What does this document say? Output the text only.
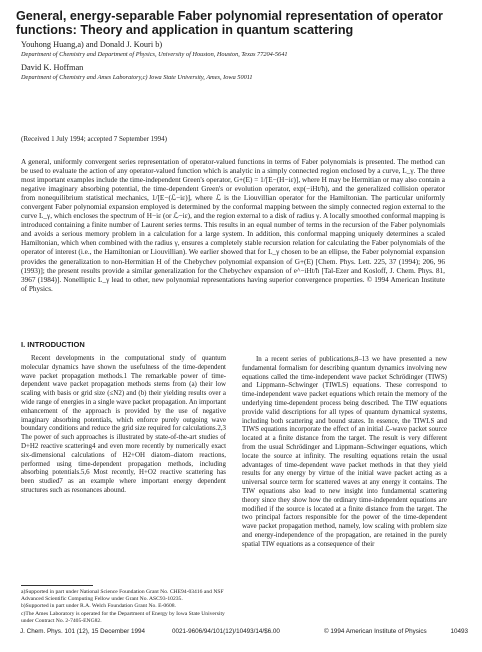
General, energy-separable Faber polynomial representation of operator functions: Theory and application in quantum scattering
Youhong Huang,a) and Donald J. Kouri b)
Department of Chemistry and Department of Physics, University of Houston, Houston, Texas 77204-5641
David K. Hoffman
Department of Chemistry and Ames Laboratory,c) Iowa State University, Ames, Iowa 50011
(Received 1 July 1994; accepted 7 September 1994)
A general, uniformly convergent series representation of operator-valued functions in terms of Faber polynomials is presented. The method can be used to evaluate the action of any operator-valued function which is analytic in a simply connected region enclosed by a curve, L_γ. The three most important examples include the time-independent Green's operator, G+(E) = 1/[E−(H−iε)], where H may be Hermitian or may also contain a negative imaginary absorbing potential, the time-dependent Green's or evolution operator, exp(−iHt/ħ), and the generalized collision operator from nonequilibrium statistical mechanics, 1/[E−(ℒ−iε)], where ℒ is the Liouvillian operator for the Hamiltonian. The particular uniformly convergent Faber polynomial expansion employed is determined by the conformal mapping between the simply connected region external to the curve L_γ, which encloses the spectrum of H−iε (or ℒ−iε), and the region external to a disk of radius γ. A locally smoothed conformal mapping is introduced containing a finite number of Laurent series terms. This results in an equal number of terms in the recursion of the Faber polynomials and avoids a serious memory problem in a calculation for a large system. In addition, this conformal mapping uniquely determines a scaled Hamiltonian, which when combined with the radius γ, ensures a completely stable recursion relation for calculating the Faber polynomials of the operator of interest (i.e., the Hamiltonian or Liouvillian). We earlier showed that for L_γ chosen to be an ellipse, the Faber polynomial expansion provides the generalization to non-Hermitian H of the Chebychev polynomial expansion of G+(E) [Chem. Phys. Lett. 225, 37 (1994); 206, 96 (1993)]; the present results provide a similar generalization for the Chebychev expansion of e^−iHt/ħ [Tal-Ezer and Kosloff, J. Chem. Phys. 81, 3967 (1984)]. Nonelliptic L_γ lead to other, new polynomial representations having superior convergence properties. © 1994 American Institute of Physics.
I. INTRODUCTION

Recent developments in the computational study of quantum molecular dynamics have shown the usefulness of the time-dependent wave packet propagation methods.1 The remarkable power of time-dependent wave packet propagation methods stems from (a) their low scaling with basis or grid size (≤N2) and (b) their yielding results over a wide range of energies in a single wave packet propagation. An important enhancement of the approach is provided by the use of negative imaginary absorbing potentials, which enforce purely outgoing wave boundary conditions and reduce the grid size required for calculations.2,3 The power of such approaches is illustrated by state-of-the-art studies of D+H2 reactive scattering4 and even more recently by numerically exact six-dimensional calculations of H2+OH diatom–diatom reactions, performed using time-dependent propagation methods, including absorbing potentials.5,6 Most recently, H+O2 reactive scattering has been studied7 as an example where important energy dependent structures such as resonances abound.

In a recent series of publications,8–13 we have presented a new fundamental formalism for describing quantum dynamics involving new equations called the time-independent wave packet Schrödinger (TIWS) and Lippmann–Schwinger (TIWLS) equations. These correspond to time-independent wave packet equations which retain the memory of the underlying time-dependent process being described. The TIW equations provide valid descriptions for all types of quantum dynamical systems, including both scattering and bound states. In essence, the TIWLS and TIWS equations incorporate the effect of an initial ℒ-wave packet source located at a finite distance from the target. The result is very different from the usual Schrödinger and Lippmann–Schwinger equations, which locate the source at infinity. The resulting equations retain the usual advantages of time-dependent wave packet methods in that they yield results for any energy by virtue of the initial wave packet acting as a universal source term for scattered waves at any energy it contains. The TIW equations also lead to new insight into fundamental scattering theory since they show how the ordinary time-independent equations are modified if the source is located at a finite distance from the target. The two principal factors responsible for the power of the time-dependent wave packet propagation method, namely, low scaling with problem size and energy-independence of the propagation, are retained in the purely spatial TIW equations as a consequence of their

a)Supported in part under National Science Foundation Grant No. CHE94-03416 and NSF Advanced Scientific Computing Fellow under Grant No. ASC93-10235.
b)Supported in part under R.A. Welch Foundation Grant No. E-0608.
c)The Ames Laboratory is operated for the Department of Energy by Iowa State University under Contract No. 2-7405-ENG82.
J. Chem. Phys. 101 (12), 15 December 1994	0021-9606/94/101(12)/10493/14/$6.00	© 1994 American Institute of Physics	10493
